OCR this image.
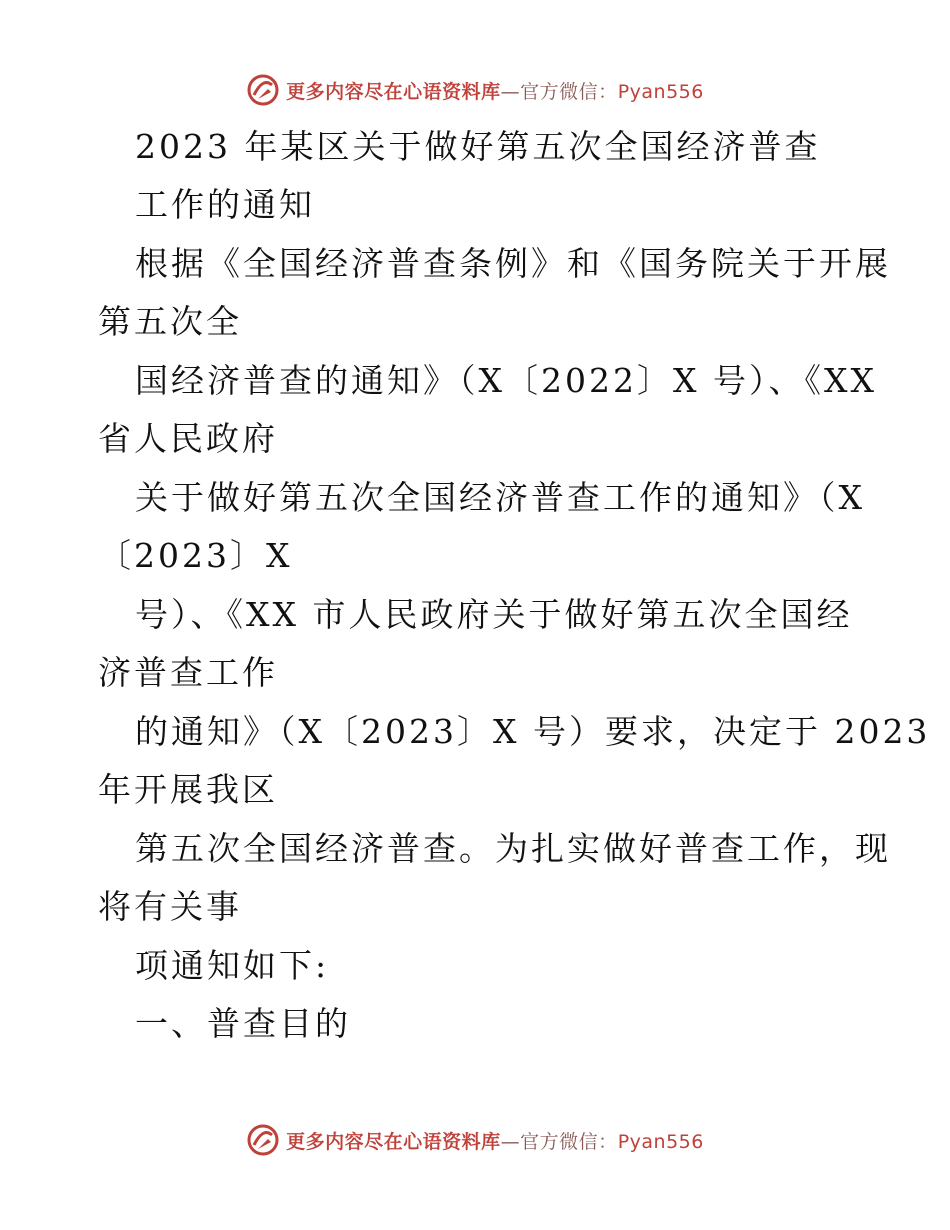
更多内容尽在心语资料库—官方微信：Pyan556
2023 年某区关于做好第五次全国经济普查
工作的通知
根据《全国经济普查条例》和《国务院关于开展
第五次全
国经济普查的通知》（X〔2022〕X 号）、《XX
省人民政府
关于做好第五次全国经济普查工作的通知》（X
〔2023〕X
号）、《XX 市人民政府关于做好第五次全国经
济普查工作
的通知》（X〔2023〕X 号）要求，决定于 2023
年开展我区
第五次全国经济普查。为扎实做好普查工作，现
将有关事
项通知如下:
一、普查目的
更多内容尽在心语资料库—官方微信：Pyan556
